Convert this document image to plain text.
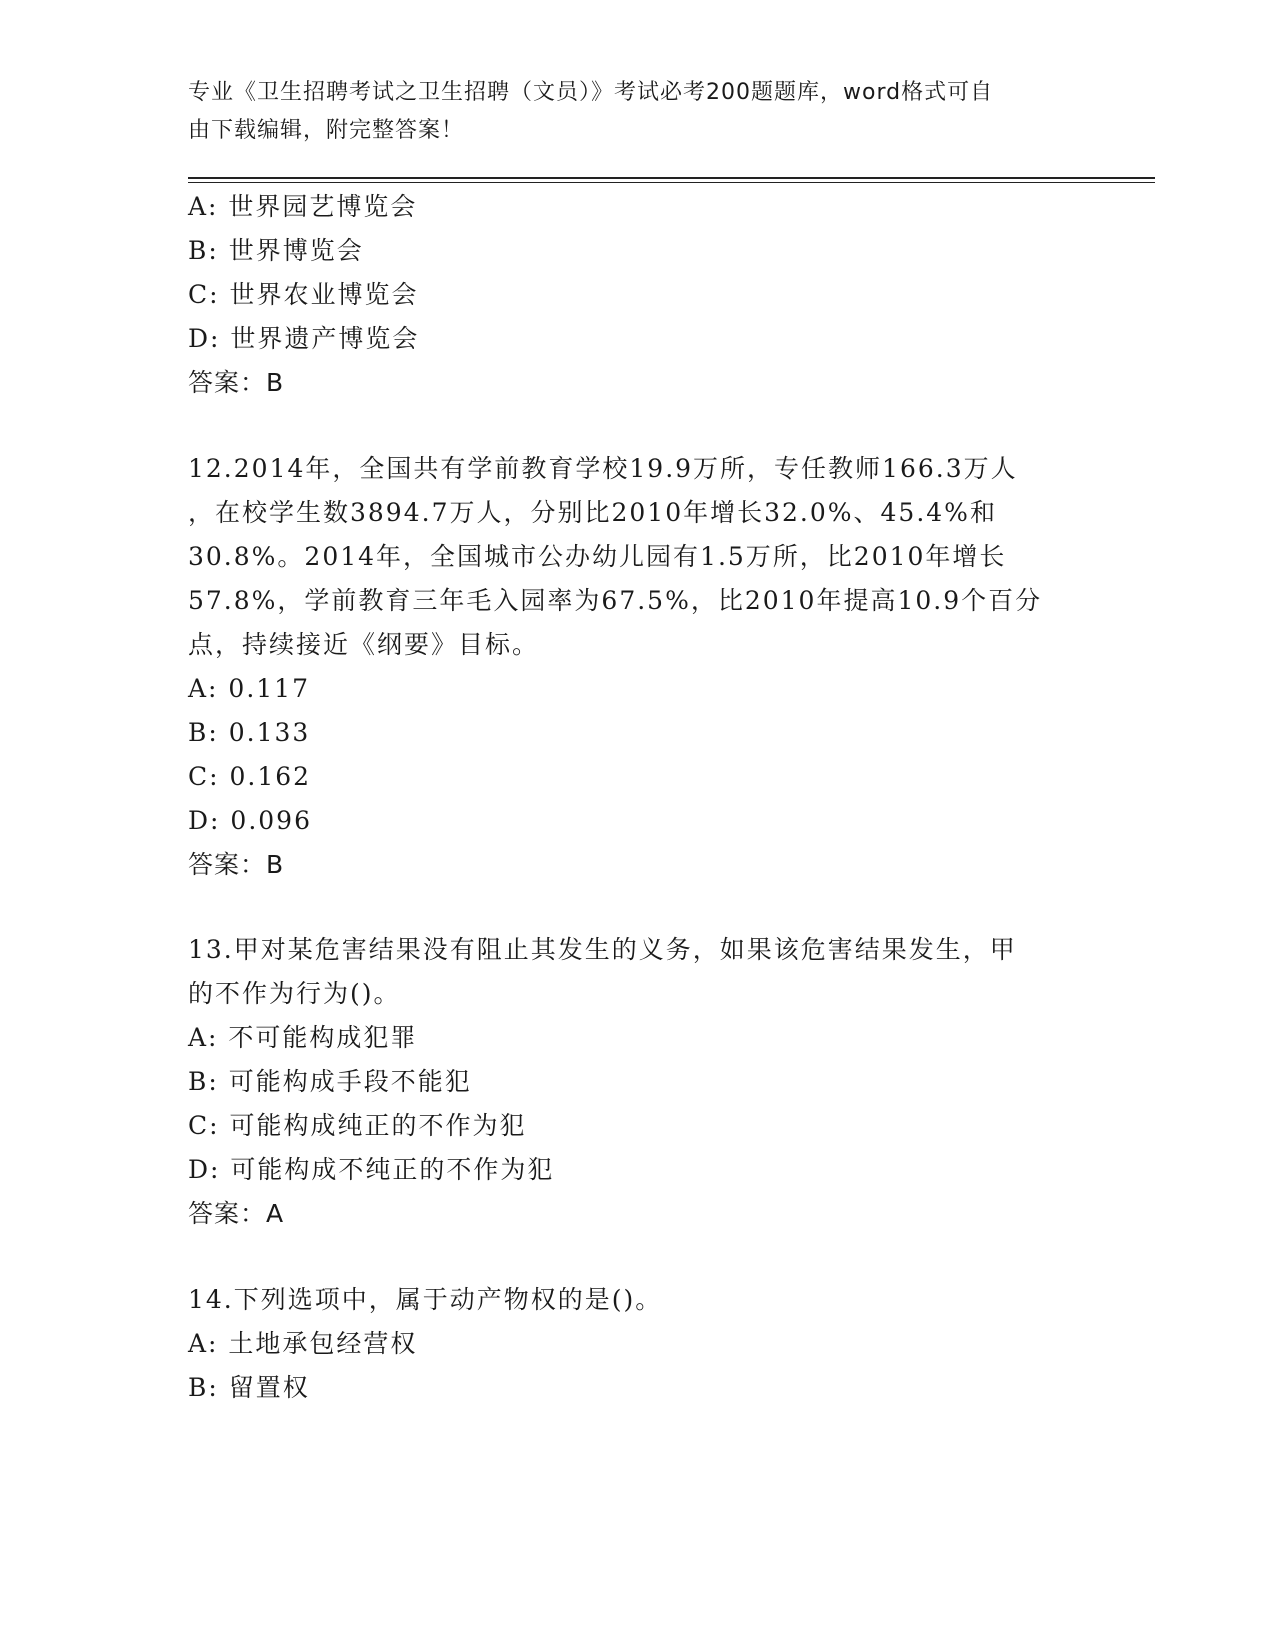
专业《卫生招聘考试之卫生招聘（文员）》考试必考200题题库，word格式可自
由下载编辑，附完整答案！
A: 世界园艺博览会
B: 世界博览会
C: 世界农业博览会
D: 世界遗产博览会
答案：B
12.2014年，全国共有学前教育学校19.9万所，专任教师166.3万人
，在校学生数3894.7万人，分别比2010年增长32.0%、45.4%和
30.8%。2014年，全国城市公办幼儿园有1.5万所，比2010年增长
57.8%，学前教育三年毛入园率为67.5%，比2010年提高10.9个百分
点，持续接近《纲要》目标。
A: 0.117
B: 0.133
C: 0.162
D: 0.096
答案：B
13.甲对某危害结果没有阻止其发生的义务，如果该危害结果发生，甲
的不作为行为()。
A: 不可能构成犯罪
B: 可能构成手段不能犯
C: 可能构成纯正的不作为犯
D: 可能构成不纯正的不作为犯
答案：A
14.下列选项中，属于动产物权的是()。
A: 土地承包经营权
B: 留置权
